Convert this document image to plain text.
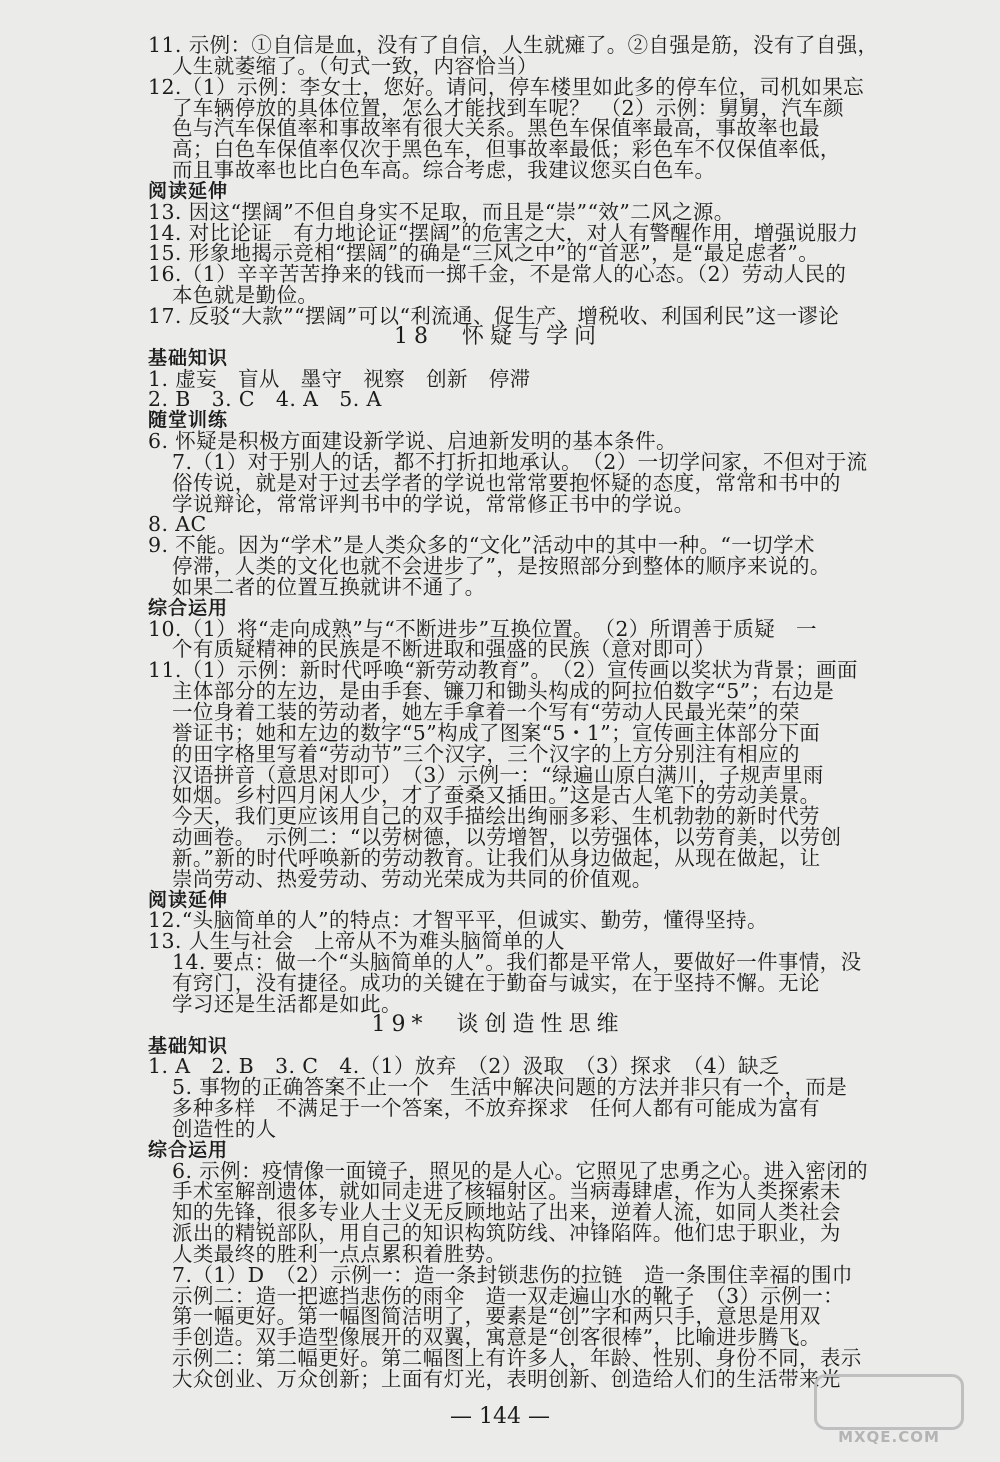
11. 示例：①自信是血，没有了自信，人生就瘫了。②自强是筋，没有了自强，
人生就萎缩了。（句式一致，内容恰当）
12.（1）示例：李女士，您好。请问，停车楼里如此多的停车位，司机如果忘
了车辆停放的具体位置，怎么才能找到车呢？　（2）示例：舅舅，汽车颜
色与汽车保值率和事故率有很大关系。黑色车保值率最高，事故率也最
高；白色车保值率仅次于黑色车，但事故率最低；彩色车不仅保值率低，
而且事故率也比白色车高。综合考虑，我建议您买白色车。
阅读延伸
13. 因这“摆阔”不但自身实不足取，而且是“崇”“效”二风之源。
14. 对比论证　有力地论证“摆阔”的危害之大，对人有警醒作用，增强说服力
15. 形象地揭示竞相“摆阔”的确是“三风之中”的“首恶”，是“最足虑者”。
16.（1）辛辛苦苦挣来的钱而一掷千金，不是常人的心态。（2）劳动人民的
本色就是勤俭。
17. 反驳“大款”“摆阔”可以“利流通、促生产、增税收、利国利民”这一谬论
18　怀疑与学问
基础知识
1. 虚妄　盲从　墨守　视察　创新　停滞
2. B　3. C　4. A　5. A
随堂训练
6. 怀疑是积极方面建设新学说、启迪新发明的基本条件。
7.（1）对于别人的话，都不打折扣地承认。　（2）一切学问家，不但对于流
俗传说，就是对于过去学者的学说也常常要抱怀疑的态度，常常和书中的
学说辩论，常常评判书中的学说，常常修正书中的学说。
8. AC
9. 不能。因为“学术”是人类众多的“文化”活动中的其中一种。“一切学术
停滞，人类的文化也就不会进步了”，是按照部分到整体的顺序来说的。
如果二者的位置互换就讲不通了。
综合运用
10.（1）将“走向成熟”与“不断进步”互换位置。　（2）所谓善于质疑　一
个有质疑精神的民族是不断进取和强盛的民族（意对即可）
11.（1）示例：新时代呼唤“新劳动教育”。　（2）宣传画以奖状为背景；画面
主体部分的左边，是由手套、镰刀和锄头构成的阿拉伯数字“5”；右边是
一位身着工装的劳动者，她左手拿着一个写有“劳动人民最光荣”的荣
誉证书；她和左边的数字“5”构成了图案“5・1”；宣传画主体部分下面
的田字格里写着“劳动节”三个汉字，三个汉字的上方分别注有相应的
汉语拼音（意思对即可）　（3）示例一：“绿遍山原白满川，子规声里雨
如烟。乡村四月闲人少，才了蚕桑又插田。”这是古人笔下的劳动美景。
今天，我们更应该用自己的双手描绘出绚丽多彩、生机勃勃的新时代劳
动画卷。　示例二：“以劳树德，以劳增智，以劳强体，以劳育美，以劳创
新。”新的时代呼唤新的劳动教育。让我们从身边做起，从现在做起，让
崇尚劳动、热爱劳动、劳动光荣成为共同的价值观。
阅读延伸
12.“头脑简单的人”的特点：才智平平，但诚实、勤劳，懂得坚持。
13. 人生与社会　上帝从不为难头脑简单的人
14. 要点：做一个“头脑简单的人”。我们都是平常人，要做好一件事情，没
有窍门，没有捷径。成功的关键在于勤奋与诚实，在于坚持不懈。无论
学习还是生活都是如此。
19*　谈创造性思维
基础知识
1. A　2. B　3. C　4.（1）放弃　（2）汲取　（3）探求　（4）缺乏
5. 事物的正确答案不止一个　生活中解决问题的方法并非只有一个，而是
多种多样　不满足于一个答案，不放弃探求　任何人都有可能成为富有
创造性的人
综合运用
6. 示例：疫情像一面镜子，照见的是人心。它照见了忠勇之心。进入密闭的
手术室解剖遗体，就如同走进了核辐射区。当病毒肆虐，作为人类探索未
知的先锋，很多专业人士义无反顾地站了出来，逆着人流，如同人类社会
派出的精锐部队，用自己的知识构筑防线、冲锋陷阵。他们忠于职业，为
人类最终的胜利一点点累积着胜势。
7.（1）D　（2）示例一：造一条封锁悲伤的拉链　造一条围住幸福的围巾
示例二：造一把遮挡悲伤的雨伞　造一双走遍山水的靴子　（3）示例一：
第一幅更好。第一幅图简洁明了，要素是“创”字和两只手，意思是用双
手创造。双手造型像展开的双翼，寓意是“创客很棒”，比喻进步腾飞。
示例二：第二幅更好。第二幅图上有许多人，年龄、性别、身份不同，表示
大众创业、万众创新；上面有灯光，表明创新、创造给人们的生活带来光
— 144 —
MXQE.COM
